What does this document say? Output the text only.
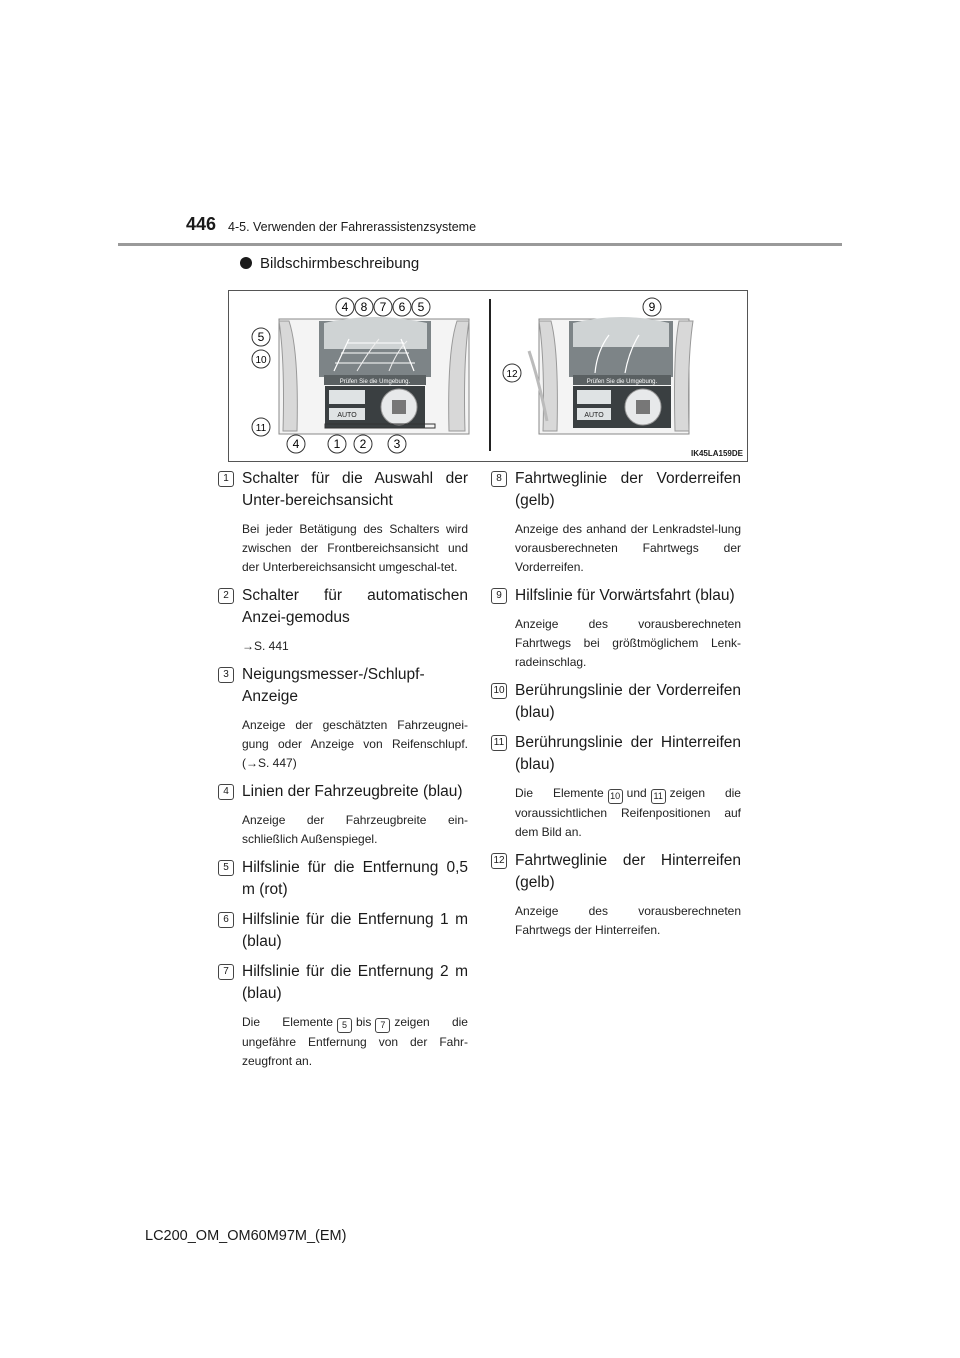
446 4-5. Verwenden der Fahrerassistenzsysteme
Bildschirmbeschreibung
Prüfen Sie die Umgebung.
AUTO
4 8 7 6 5
5
10
11
4	1 2 3
Prüfen Sie die Umgebung.
AUTO
9
12
IK45LA159DE
1 Schalter für die Auswahl der Unter-bereichsansicht
Bei jeder Betätigung des Schalters wird zwischen der Frontbereichsansicht und der Unterbereichsansicht umgeschal-tet.
2 Schalter für automatischen Anzei-gemodus
→S. 441
3 Neigungsmesser-/Schlupf-Anzeige
Anzeige der geschätzten Fahrzeugnei-gung oder Anzeige von Reifenschlupf. (→S. 447)
4 Linien der Fahrzeugbreite (blau)
Anzeige der Fahrzeugbreite ein-schließlich Außenspiegel.
5 Hilfslinie für die Entfernung 0,5 m (rot)
6 Hilfslinie für die Entfernung 1 m (blau)
7 Hilfslinie für die Entfernung 2 m (blau)
Die Elemente 5 bis 7 zeigen die ungefähre Entfernung von der Fahr-zeugfront an.
8 Fahrtweglinie der Vorderreifen (gelb)
Anzeige des anhand der Lenkradstel-lung vorausberechneten Fahrtwegs der Vorderreifen.
9 Hilfslinie für Vorwärtsfahrt (blau)
Anzeige des vorausberechneten Fahrtwegs bei größtmöglichem Lenk-radeinschlag.
10 Berührungslinie der Vorderreifen (blau)
11 Berührungslinie der Hinterreifen (blau)
Die Elemente 10 und 11 zeigen die voraussichtlichen Reifenpositionen auf dem Bild an.
12 Fahrtweglinie der Hinterreifen (gelb)
Anzeige des vorausberechneten Fahrtwegs der Hinterreifen.
LC200_OM_OM60M97M_(EM)
